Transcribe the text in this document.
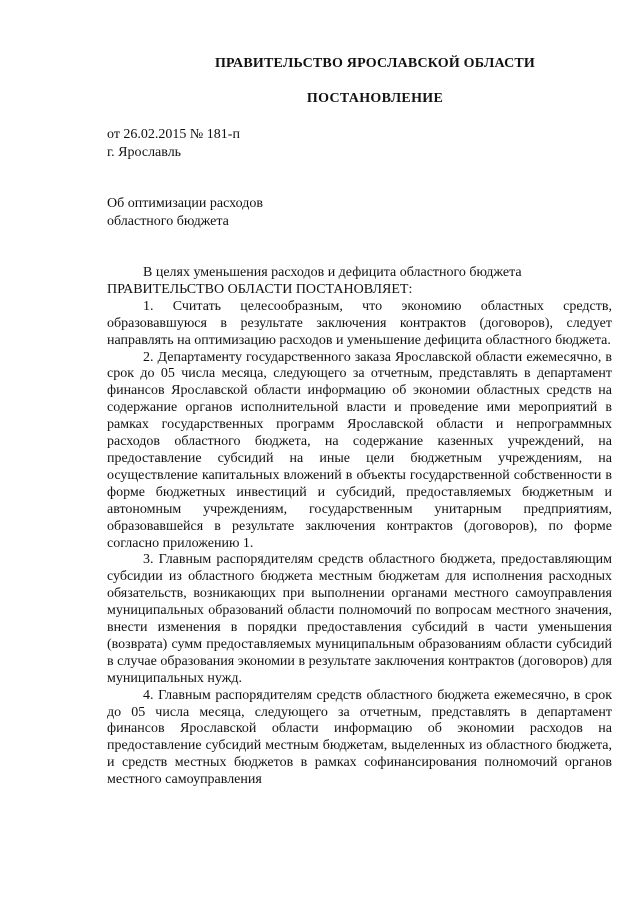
ПРАВИТЕЛЬСТВО ЯРОСЛАВСКОЙ ОБЛАСТИ
ПОСТАНОВЛЕНИЕ
от 26.02.2015 № 181-п
г. Ярославль
Об оптимизации расходов
областного бюджета

В целях уменьшения расходов и дефицита областного бюджета

ПРАВИТЕЛЬСТВО ОБЛАСТИ ПОСТАНОВЛЯЕТ:

1. Считать целесообразным, что экономию областных средств, образовавшуюся в результате заключения контрактов (договоров), следует направлять на оптимизацию расходов и уменьшение дефицита областного бюджета.

2. Департаменту государственного заказа Ярославской области ежемесячно, в срок до 05 числа месяца, следующего за отчетным, представлять в департамент финансов Ярославской области информацию об экономии областных средств на содержание органов исполнительной власти и проведение ими мероприятий в рамках государственных программ Ярославской области и непрограммных расходов областного бюджета, на содержание казенных учреждений, на предоставление субсидий на иные цели бюджетным учреждениям, на осуществление капитальных вложений в объекты государственной собственности в форме бюджетных инвестиций и субсидий, предоставляемых бюджетным и автономным учреждениям, государственным унитарным предприятиям, образовавшейся в результате заключения контрактов (договоров), по форме согласно приложению 1.

3. Главным распорядителям средств областного бюджета, предоставляющим субсидии из областного бюджета местным бюджетам для исполнения расходных обязательств, возникающих при выполнении органами местного самоуправления муниципальных образований области полномочий по вопросам местного значения, внести изменения в порядки предоставления субсидий в части уменьшения (возврата) сумм предоставляемых муниципальным образованиям области субсидий в случае образования экономии в результате заключения контрактов (договоров) для муниципальных нужд.

4. Главным распорядителям средств областного бюджета ежемесячно, в срок до 05 числа месяца, следующего за отчетным, представлять в департамент финансов Ярославской области информацию об экономии расходов на предоставление субсидий местным бюджетам, выделенных из областного бюджета, и средств местных бюджетов в рамках софинансирования полномочий органов местного самоуправления
